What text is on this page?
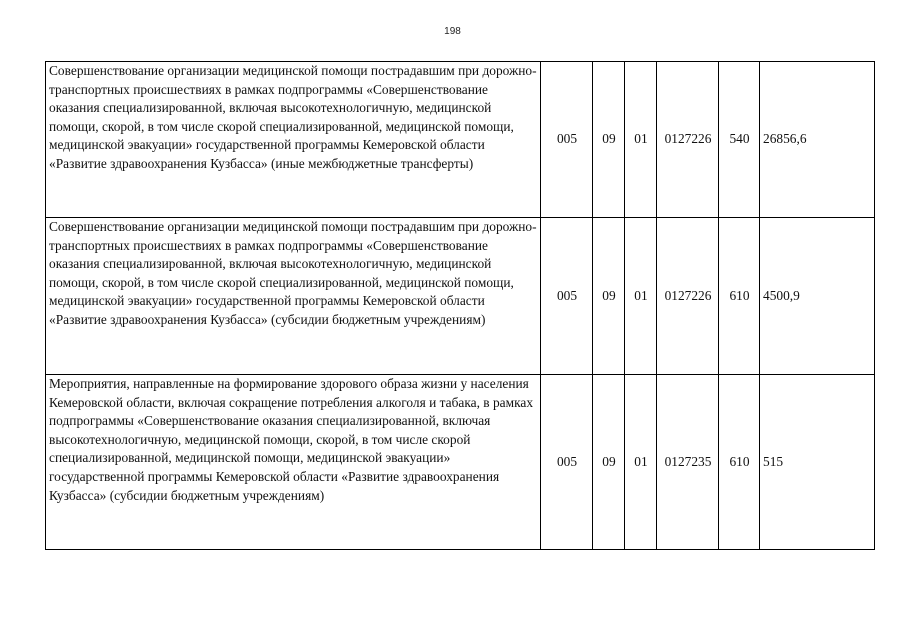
198
Совершенствование организации медицинской помощи пострадавшим при дорожно-транспортных происшествиях в рамках подпрограммы «Совершенствование оказания специализированной, включая высокотехнологичную, медицинской помощи, скорой, в том числе скорой специализированной, медицинской помощи, медицинской эвакуации» государственной программы Кемеровской области «Развитие здравоохранения Кузбасса» (иные межбюджетные трансферты)	005	09	01	0127226	540	26856,6
Совершенствование организации медицинской помощи пострадавшим при дорожно-транспортных происшествиях в рамках подпрограммы «Совершенствование оказания специализированной, включая высокотехнологичную, медицинской помощи, скорой, в том числе скорой специализированной, медицинской помощи, медицинской эвакуации» государственной программы Кемеровской области «Развитие здравоохранения Кузбасса» (субсидии бюджетным учреждениям)	005	09	01	0127226	610	4500,9
Мероприятия, направленные на формирование здорового образа жизни у населения Кемеровской области, включая сокращение потребления алкоголя и табака, в рамках подпрограммы «Совершенствование оказания специализированной, включая высокотехнологичную, медицинской помощи, скорой, в том числе скорой специализированной, медицинской помощи, медицинской эвакуации» государственной программы Кемеровской области «Развитие здравоохранения Кузбасса» (субсидии бюджетным учреждениям)	005	09	01	0127235	610	515
